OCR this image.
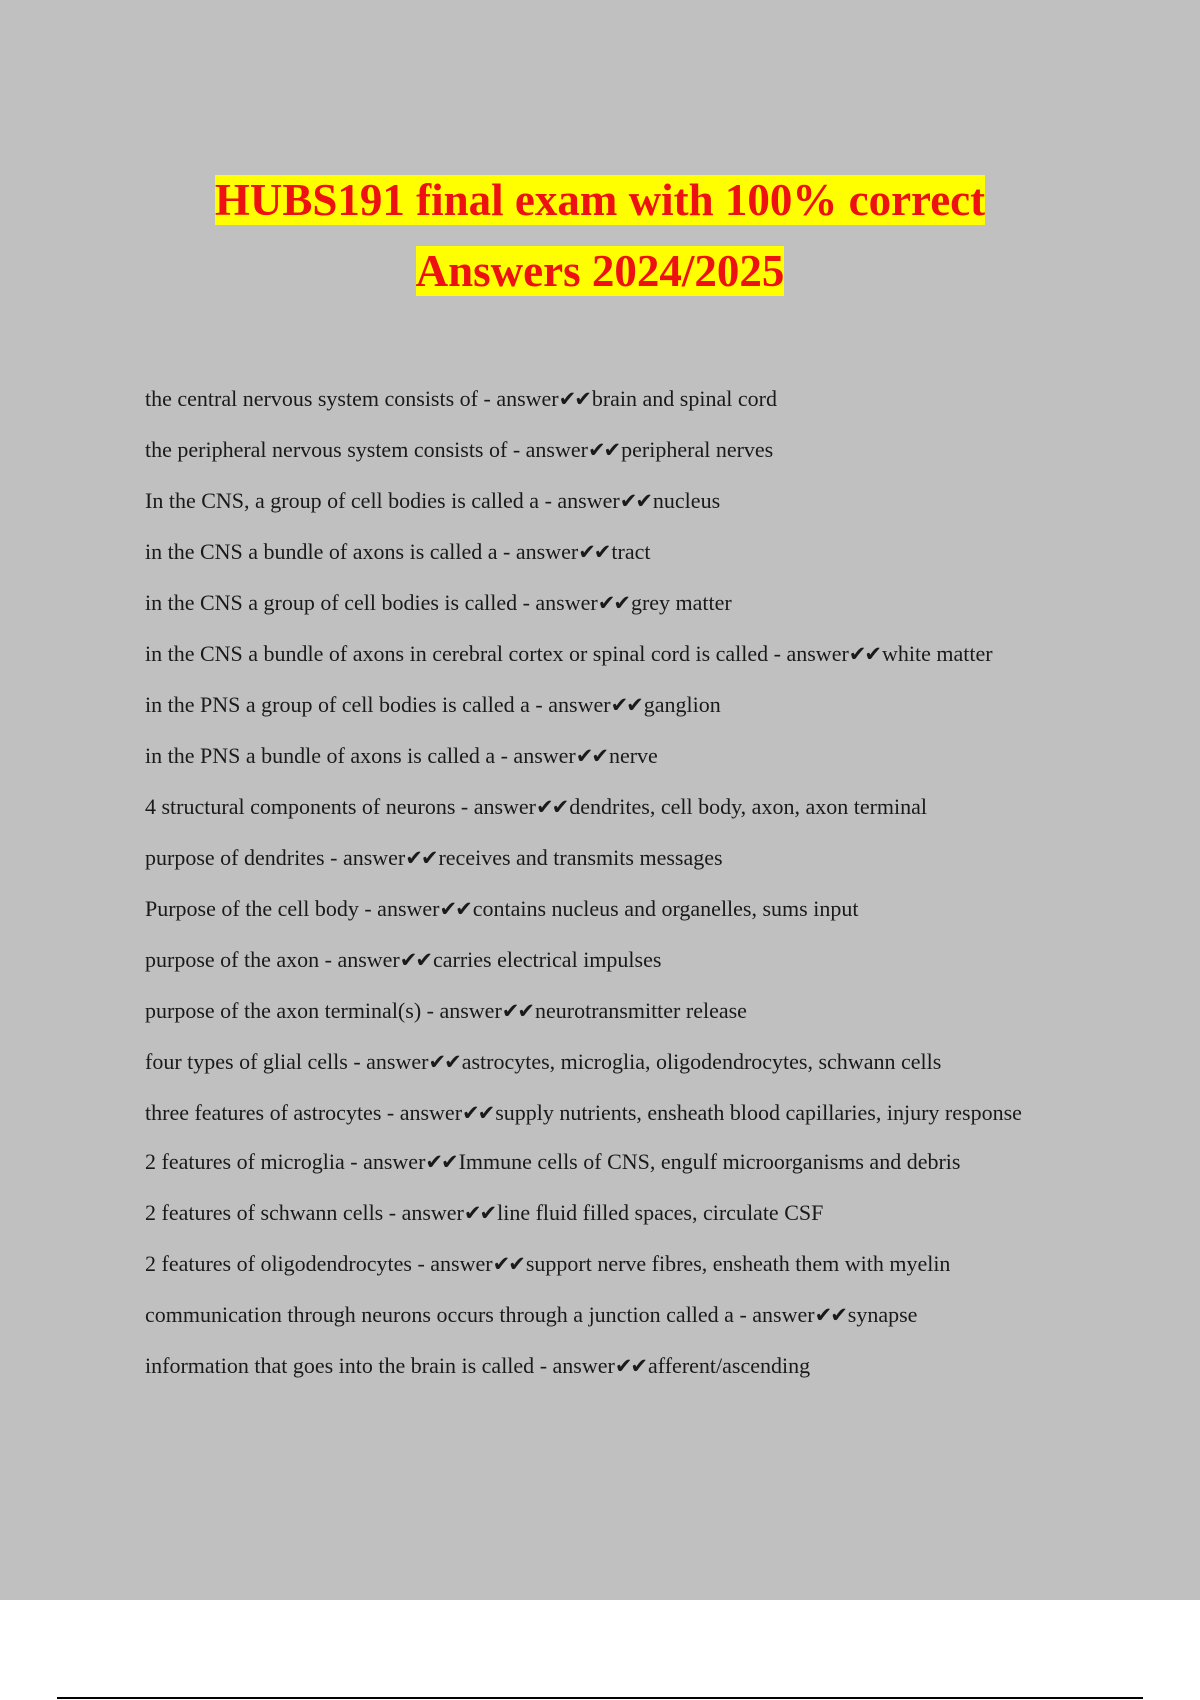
HUBS191 final exam with 100% correct
Answers 2024/2025

the central nervous system consists of - answer✔✔brain and spinal cord

the peripheral nervous system consists of - answer✔✔peripheral nerves

In the CNS, a group of cell bodies is called a - answer✔✔nucleus

in the CNS a bundle of axons is called a - answer✔✔tract

in the CNS a group of cell bodies is called - answer✔✔grey matter

in the CNS a bundle of axons in cerebral cortex or spinal cord is called - answer✔✔white matter

in the PNS a group of cell bodies is called a - answer✔✔ganglion

in the PNS a bundle of axons is called a - answer✔✔nerve

4 structural components of neurons - answer✔✔dendrites, cell body, axon, axon terminal

purpose of dendrites - answer✔✔receives and transmits messages

Purpose of the cell body - answer✔✔contains nucleus and organelles, sums input

purpose of the axon - answer✔✔carries electrical impulses

purpose of the axon terminal(s) - answer✔✔neurotransmitter release

four types of glial cells - answer✔✔astrocytes, microglia, oligodendrocytes, schwann cells

three features of astrocytes - answer✔✔supply nutrients, ensheath blood capillaries, injury response

2 features of microglia - answer✔✔Immune cells of CNS, engulf microorganisms and debris

2 features of schwann cells - answer✔✔line fluid filled spaces, circulate CSF

2 features of oligodendrocytes - answer✔✔support nerve fibres, ensheath them with myelin

communication through neurons occurs through a junction called a - answer✔✔synapse

information that goes into the brain is called - answer✔✔afferent/ascending
